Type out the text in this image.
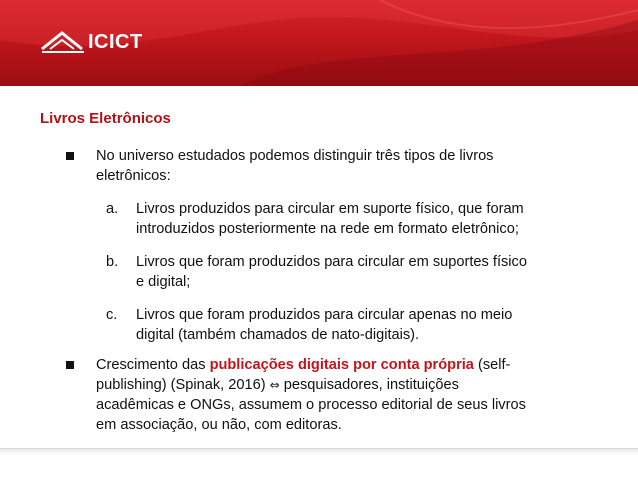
ICICT
Livros Eletrônicos
No universo estudados podemos distinguir três tipos de livros
eletrônicos:
a. Livros produzidos para circular em suporte físico, que foram
introduzidos posteriormente na rede em formato eletrônico;
b. Livros que foram produzidos para circular em suportes físico
e digital;
c. Livros que foram produzidos para circular apenas no meio
digital (também chamados de nato-digitais).
Crescimento das publicações digitais por conta própria (self-
publishing) (Spinak, 2016) ⇔ pesquisadores, instituições
acadêmicas e ONGs, assumem o processo editorial de seus livros
em associação, ou não, com editoras.
